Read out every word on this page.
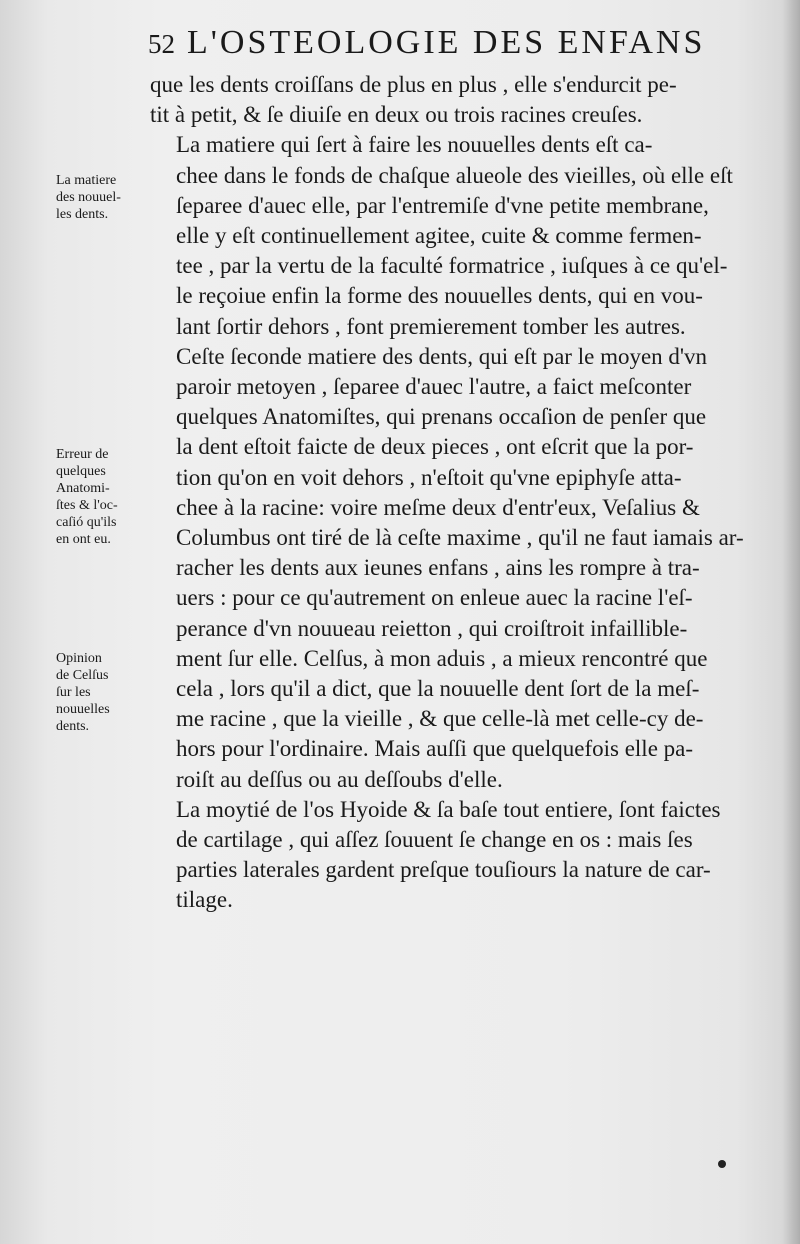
52 L'OSTEOLOGIE DES ENFANS
que les dents croiſſans de plus en plus , elle s'endurcit pe-
tit à petit, & ſe diuiſe en deux ou trois racines creuſes.
La matiere qui ſert à faire les nouuelles dents eſt ca-
chee dans le fonds de chaſque alueole des vieilles, où elle eſt
ſeparee d'auec elle, par l'entremiſe d'vne petite membrane,
elle y eſt continuellement agitee, cuite & comme fermen-
tee , par la vertu de la faculté formatrice , iuſques à ce qu'el-
le reçoiue enfin la forme des nouuelles dents, qui en vou-
lant ſortir dehors , font premierement tomber les autres.
Ceſte ſeconde matiere des dents, qui eſt par le moyen d'vn
paroir metoyen , ſeparee d'auec l'autre, a faict meſconter
quelques Anatomiſtes, qui prenans occaſion de penſer que
la dent eſtoit faicte de deux pieces , ont eſcrit que la por-
tion qu'on en voit dehors , n'eſtoit qu'vne epiphyſe atta-
chee à la racine: voire meſme deux d'entr'eux, Veſalius &
Columbus ont tiré de là ceſte maxime , qu'il ne faut iamais ar-
racher les dents aux ieunes enfans , ains les rompre à tra-
uers : pour ce qu'autrement on enleue auec la racine l'eſ-
perance d'vn nouueau reietton , qui croiſtroit infaillible-
ment ſur elle. Celſus, à mon aduis , a mieux rencontré que
cela , lors qu'il a dict, que la nouuelle dent ſort de la meſ-
me racine , que la vieille , & que celle-là met celle-cy de-
hors pour l'ordinaire. Mais auſſi que quelquefois elle pa-
roiſt au deſſus ou au deſſoubs d'elle.
La moytié de l'os Hyoide & ſa baſe tout entiere, ſont faictes
de cartilage , qui aſſez ſouuent ſe change en os : mais ſes
parties laterales gardent preſque touſiours la nature de car-
tilage.
La matiere
des nouuel-
les dents.
Erreur de
quelques
Anatomi-
ſtes & l'oc-
caſió qu'ils
en ont eu.
Opinion
de Celſus
ſur les
nouuelles
dents.
